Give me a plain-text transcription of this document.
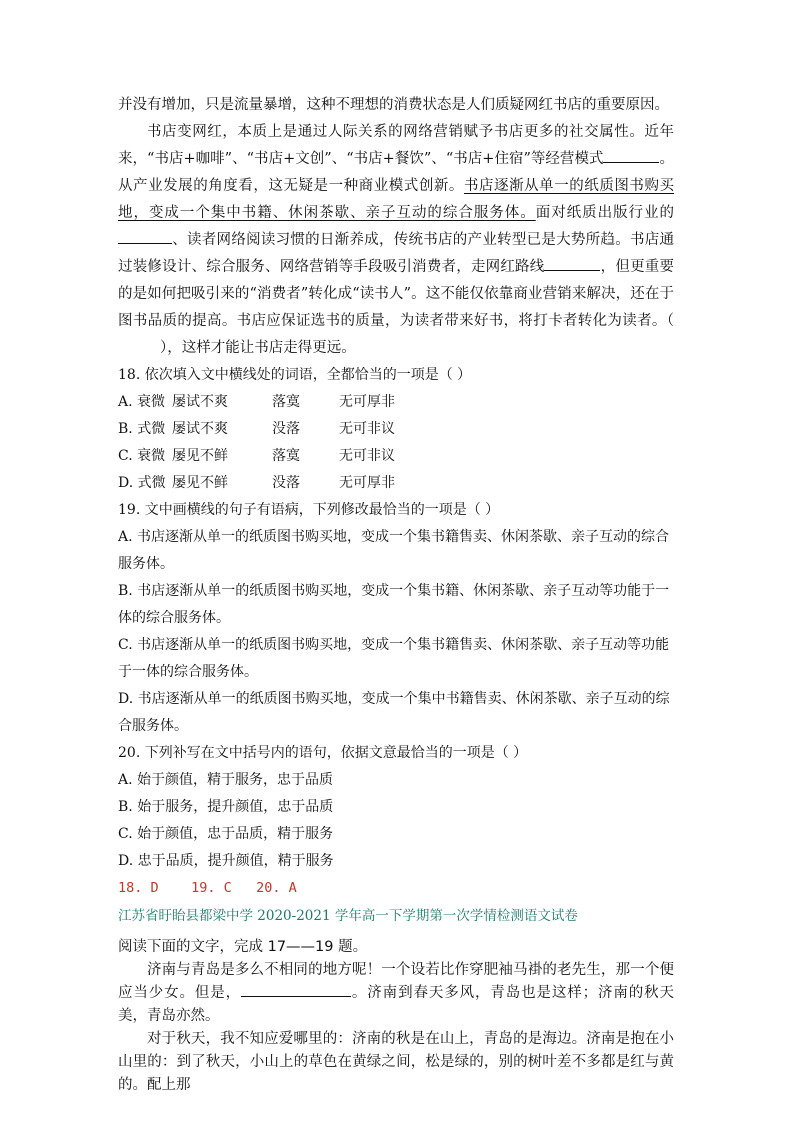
并没有增加，只是流量暴增，这种不理想的消费状态是人们质疑网红书店的重要原因。

书店变网红，本质上是通过人际关系的网络营销赋予书店更多的社交属性。近年来，“书店+咖啡”、“书店+文创”、“书店+餐饮”、“书店+住宿”等经营模式	。从产业发展的角度看，这无疑是一种商业模式创新。书店逐渐从单一的纸质图书购买地，变成一个集中书籍、休闲茶歇、亲子互动的综合服务体。面对纸质出版行业的、读者网络阅读习惯的日渐养成，传统书店的产业转型已是大势所趋。书店通过装修设计、综合服务、网络营销等手段吸引消费者，走网红路线	，但更重要的是如何把吸引来的“消费者”转化成“读书人”。这不能仅依靠商业营销来解决，还在于图书品质的提高。书店应保证选书的质量，为读者带来好书，将打卡者转化为读者。（），这样才能让书店走得更远。

18. 依次填入文中横线处的词语，全都恰当的一项是（ ）

A. 衰微 屡试不爽	落寞	无可厚非
B. 式微 屡试不爽	没落	无可非议
C. 衰微 屡见不鲜	落寞	无可非议
D. 式微 屡见不鲜	没落	无可厚非

19. 文中画横线的句子有语病，下列修改最恰当的一项是（ ）

A. 书店逐渐从单一的纸质图书购买地，变成一个集书籍售卖、休闲茶歇、亲子互动的综合服务体。

B. 书店逐渐从单一的纸质图书购买地，变成一个集书籍、休闲茶歇、亲子互动等功能于一体的综合服务体。

C. 书店逐渐从单一的纸质图书购买地，变成一个集书籍售卖、休闲茶歇、亲子互动等功能于一体的综合服务体。

D. 书店逐渐从单一的纸质图书购买地，变成一个集中书籍售卖、休闲茶歇、亲子互动的综合服务体。

20. 下列补写在文中括号内的语句，依据文意最恰当的一项是（ ）

A. 始于颜值，精于服务，忠于品质

B. 始于服务，提升颜值，忠于品质

C. 始于颜值，忠于品质，精于服务

D. 忠于品质，提升颜值，精于服务

18. D    19. C   20. A

江苏省盱眙县都梁中学 2020-2021 学年高一下学期第一次学情检测语文试卷

阅读下面的文字，完成 17——19 题。

济南与青岛是多么不相同的地方呢！一个设若比作穿肥袖马褂的老先生，那一个便应当少女。但是，	。济南到春天多风，青岛也是这样；济南的秋天美，青岛亦然。

对于秋天，我不知应爱哪里的：济南的秋是在山上，青岛的是海边。济南是抱在小山里的：到了秋天，小山上的草色在黄绿之间，松是绿的，别的树叶差不多都是红与黄的。配上那
